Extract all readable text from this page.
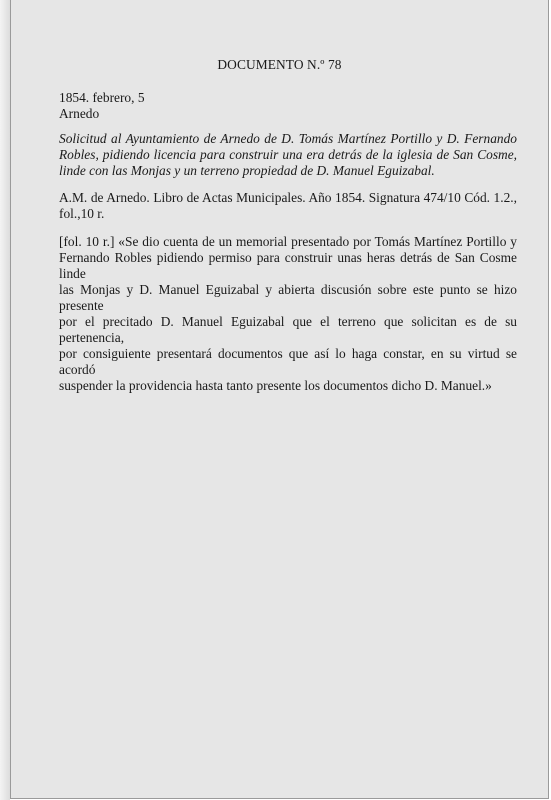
DOCUMENTO N.º 78
1854. febrero, 5
Arnedo
Solicitud al Ayuntamiento de Arnedo de D. Tomás Martínez Portillo y D. Fernando
Robles, pidiendo licencia para construir una era detrás de la iglesia de San Cosme,
linde con las Monjas y un terreno propiedad de D. Manuel Eguizabal.
A.M. de Arnedo. Libro de Actas Municipales. Año 1854. Signatura 474/10 Cód. 1.2.,
fol.,10 r.
[fol. 10 r.] «Se dio cuenta de un memorial presentado por Tomás Martínez Portillo y
Fernando Robles pidiendo permiso para construir unas heras detrás de San Cosme linde
las Monjas y D. Manuel Eguizabal y abierta discusión sobre este punto se hizo presente
por el precitado D. Manuel Eguizabal que el terreno que solicitan es de su pertenencia,
por consiguiente presentará documentos que así lo haga constar, en su virtud se acordó
suspender la providencia hasta tanto presente los documentos dicho D. Manuel.»
